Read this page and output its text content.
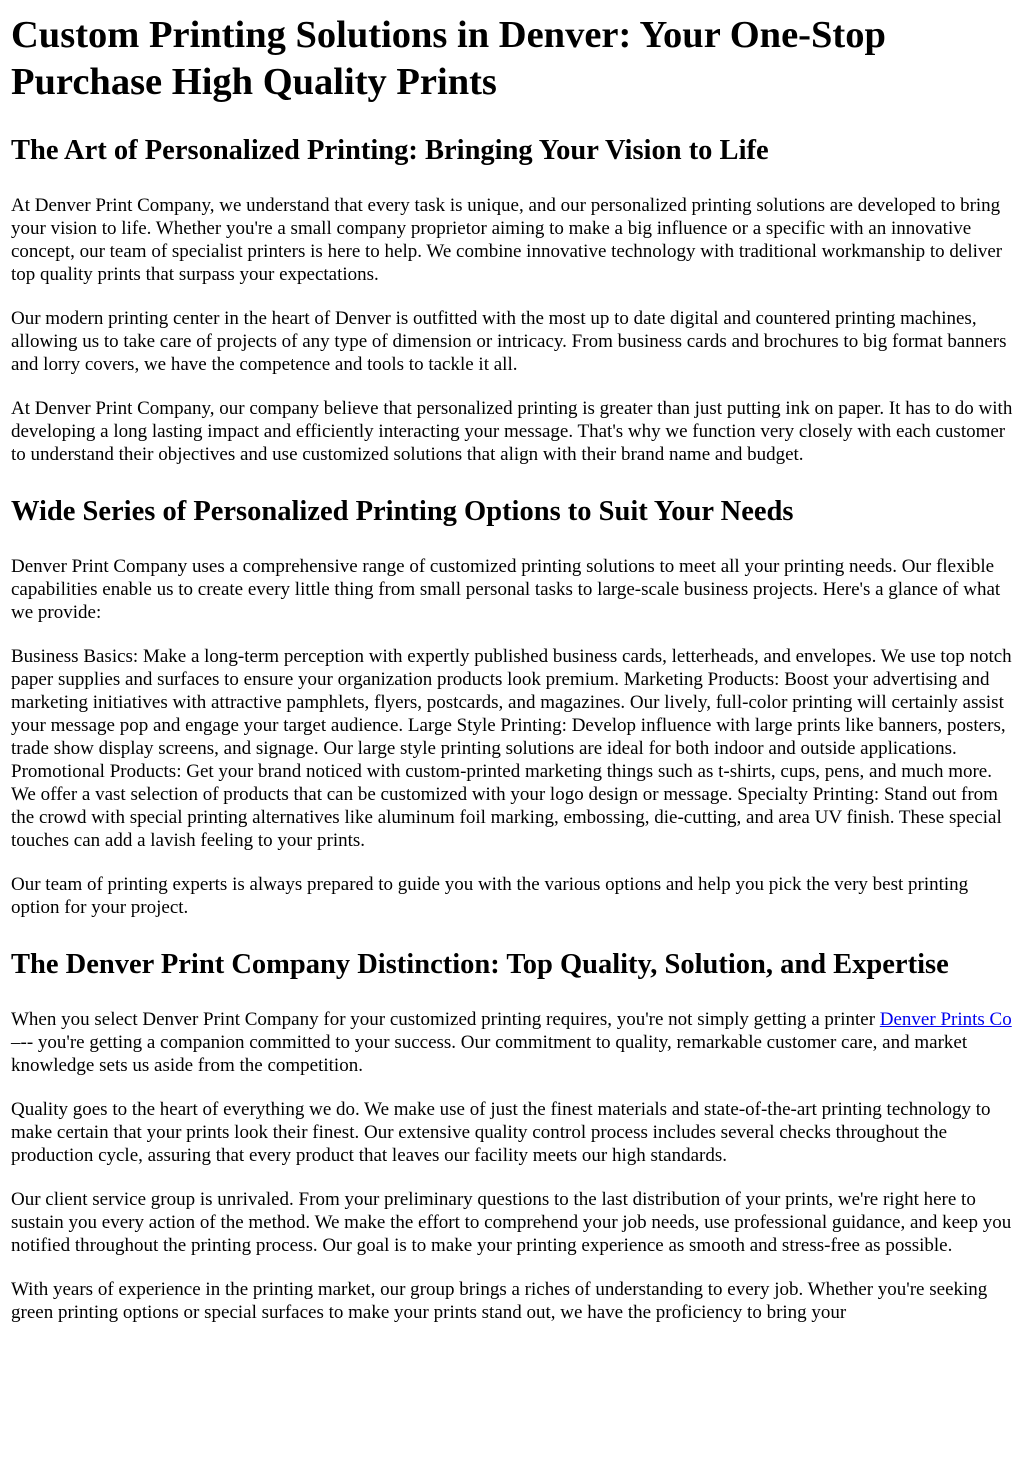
Custom Printing Solutions in Denver: Your One-Stop Purchase High Quality Prints
The Art of Personalized Printing: Bringing Your Vision to Life

At Denver Print Company, we understand that every task is unique, and our personalized printing solutions are developed to bring your vision to life. Whether you're a small company proprietor aiming to make a big influence or a specific with an innovative concept, our team of specialist printers is here to help. We combine innovative technology with traditional workmanship to deliver top quality prints that surpass your expectations.

Our modern printing center in the heart of Denver is outfitted with the most up to date digital and countered printing machines, allowing us to take care of projects of any type of dimension or intricacy. From business cards and brochures to big format banners and lorry covers, we have the competence and tools to tackle it all.

At Denver Print Company, our company believe that personalized printing is greater than just putting ink on paper. It has to do with developing a long lasting impact and efficiently interacting your message. That's why we function very closely with each customer to understand their objectives and use customized solutions that align with their brand name and budget.

Wide Series of Personalized Printing Options to Suit Your Needs

Denver Print Company uses a comprehensive range of customized printing solutions to meet all your printing needs. Our flexible capabilities enable us to create every little thing from small personal tasks to large-scale business projects. Here's a glance of what we provide:

Business Basics: Make a long-term perception with expertly published business cards, letterheads, and envelopes. We use top notch paper supplies and surfaces to ensure your organization products look premium. Marketing Products: Boost your advertising and marketing initiatives with attractive pamphlets, flyers, postcards, and magazines. Our lively, full-color printing will certainly assist your message pop and engage your target audience. Large Style Printing: Develop influence with large prints like banners, posters, trade show display screens, and signage. Our large style printing solutions are ideal for both indoor and outside applications. Promotional Products: Get your brand noticed with custom-printed marketing things such as t-shirts, cups, pens, and much more. We offer a vast selection of products that can be customized with your logo design or message. Specialty Printing: Stand out from the crowd with special printing alternatives like aluminum foil marking, embossing, die-cutting, and area UV finish. These special touches can add a lavish feeling to your prints.

Our team of printing experts is always prepared to guide you with the various options and help you pick the very best printing option for your project.

The Denver Print Company Distinction: Top Quality, Solution, and Expertise

When you select Denver Print Company for your customized printing requires, you're not simply getting a printer Denver Prints Co –-- you're getting a companion committed to your success. Our commitment to quality, remarkable customer care, and market knowledge sets us aside from the competition.

Quality goes to the heart of everything we do. We make use of just the finest materials and state-of-the-art printing technology to make certain that your prints look their finest. Our extensive quality control process includes several checks throughout the production cycle, assuring that every product that leaves our facility meets our high standards.

Our client service group is unrivaled. From your preliminary questions to the last distribution of your prints, we're right here to sustain you every action of the method. We make the effort to comprehend your job needs, use professional guidance, and keep you notified throughout the printing process. Our goal is to make your printing experience as smooth and stress-free as possible.

With years of experience in the printing market, our group brings a riches of understanding to every job. Whether you're seeking green printing options or special surfaces to make your prints stand out, we have the proficiency to bring your
